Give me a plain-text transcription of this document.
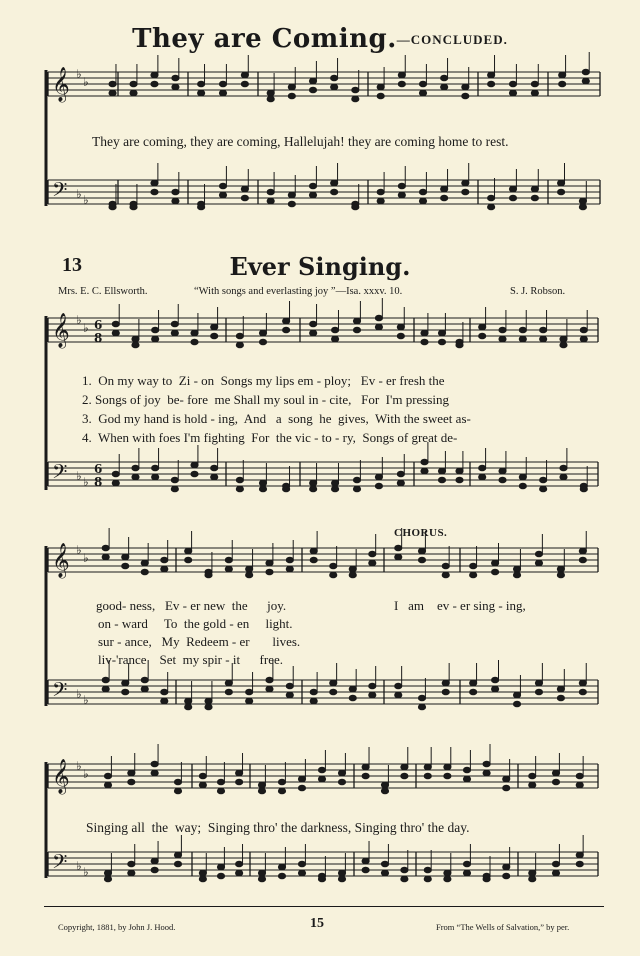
They are Coming.—CONCLUDED.
13	Ever Singing.
Mrs. E. C. Ellsworth.	“With songs and everlasting joy ”—Isa. xxxv. 10.	S. J. Robson.
𝄞 ♭
♭
𝄢 ♭ ♭
𝄞 ♭
♭ 6
8
𝄢 ♭ ♭
6
8
𝄞 ♭
♭
𝄢 ♭ ♭
𝄞 ♭
♭
𝄢 ♭ ♭
They are coming, they are coming, Hallelujah! they are coming home to rest.
1.  On my way to  Zi - on  Songs my lips em - ploy;   Ev - er fresh the
2. Songs of joy  be- fore  me Shall my soul in - cite,   For  I'm pressing
3.  God my hand is hold - ing,  And   a  song  he  gives,  With the sweet as-
4.  When with foes I'm fighting  For  the vic - to - ry,  Songs of great de-
CHORUS.
good- ness,   Ev - er new  the      joy.
on - ward     To  the gold - en     light.
sur - ance,   My  Redeem - er       lives.
liv-'rance    Set  my spir - it      free.
I   am    ev - er sing - ing,
Singing all  the  way;  Singing thro' the darkness, Singing thro' the day.
Copyright, 1881, by John J. Hood.	15	From “The Wells of Salvation,” by per.
